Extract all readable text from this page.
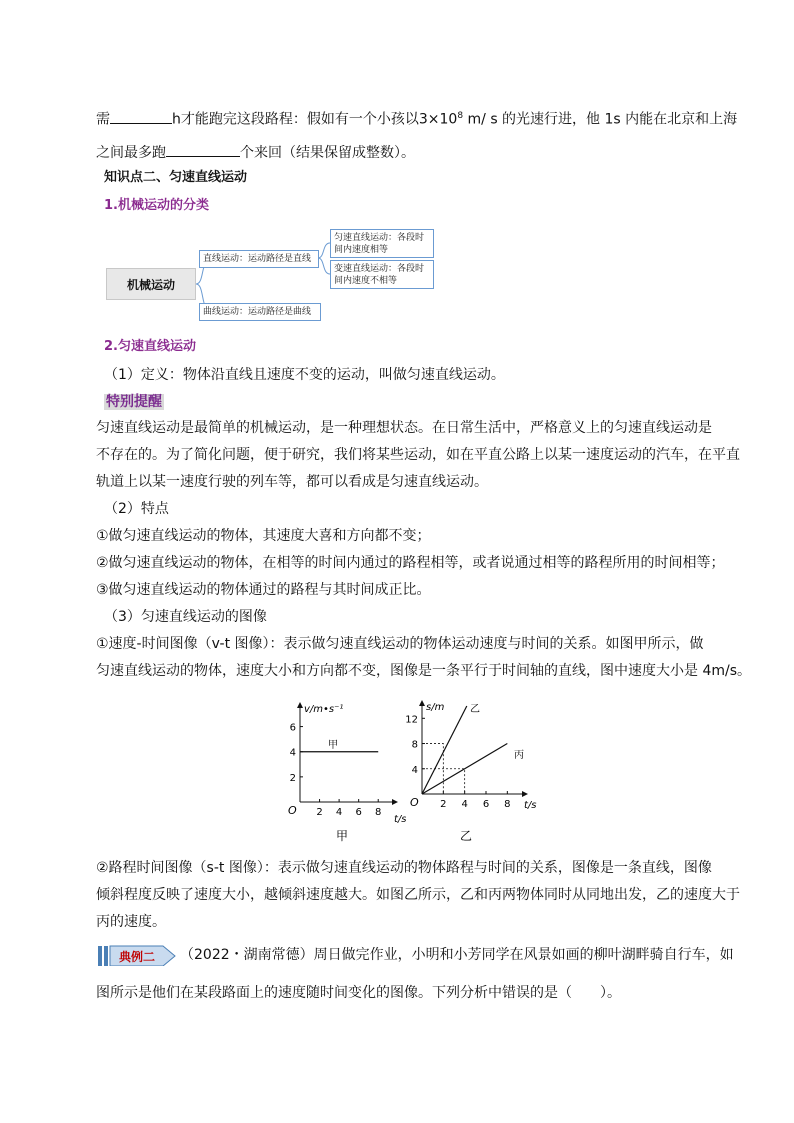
需	h才能跑完这段路程：假如有一个小孩以$3\times 10^8$ m/ s 的光速行进，他 1s 内能在北京和上海
之间最多跑	个来回（结果保留成整数）。
知识点二、匀速直线运动
1.机械运动的分类
机械运动
直线运动：运动路径是直线
曲线运动：运动路径是曲线
匀速直线运动：各段时间内速度相等
变速直线运动：各段时间内速度不相等
2.匀速直线运动
（1）定义：物体沿直线且速度不变的运动，叫做匀速直线运动。
特别提醒
匀速直线运动是最简单的机械运动，是一种理想状态。在日常生活中，严格意义上的匀速直线运动是
不存在的。为了简化问题，便于研究，我们将某些运动，如在平直公路上以某一速度运动的汽车，在平直
轨道上以某一速度行驶的列车等，都可以看成是匀速直线运动。
（2）特点
①做匀速直线运动的物体，其速度大喜和方向都不变；
②做匀速直线运动的物体，在相等的时间内通过的路程相等，或者说通过相等的路程所用的时间相等；
③做匀速直线运动的物体通过的路程与其时间成正比。
（3）匀速直线运动的图像
①速度-时间图像（v-t 图像）：表示做匀速直线运动的物体运动速度与时间的关系。如图甲所示，做
匀速直线运动的物体，速度大小和方向都不变，图像是一条平行于时间轴的直线，图中速度大小是 4m/s。
O
v/m•s⁻¹
t/s
2 4 6 8
2
4
6
甲
甲
O
s/m
t/s
2 4 6 8
4
8
12
乙
丙
乙
②路程时间图像（s-t 图像）：表示做匀速直线运动的物体路程与时间的关系，图像是一条直线，图像
倾斜程度反映了速度大小，越倾斜速度越大。如图乙所示，乙和丙两物体同时从同地出发，乙的速度大于
丙的速度。
典例二 （2022・湖南常德）周日做完作业，小明和小芳同学在风景如画的柳叶湖畔骑自行车，如
图所示是他们在某段路面上的速度随时间变化的图像。下列分析中错误的是（　　）。
